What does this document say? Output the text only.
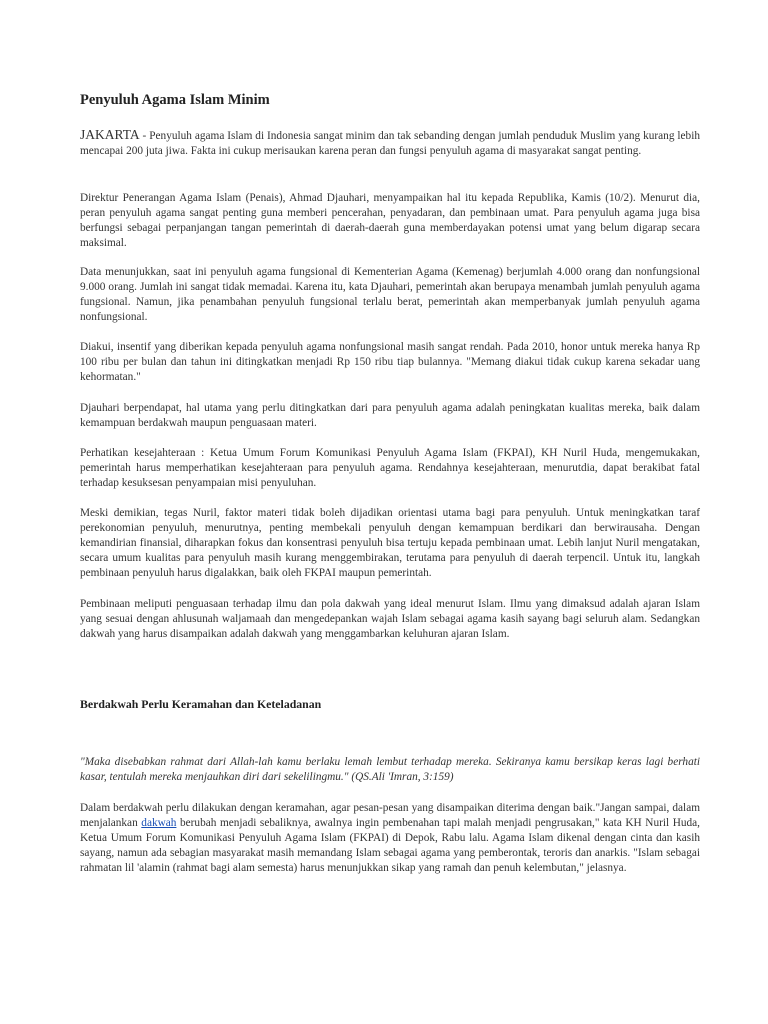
Penyuluh Agama Islam Minim

JAKARTA - Penyuluh agama Islam di Indonesia sangat minim dan tak sebanding dengan jumlah penduduk Muslim yang kurang lebih mencapai 200 juta jiwa. Fakta ini cukup merisaukan karena peran dan fungsi penyuluh agama di masyarakat sangat penting.

Direktur Penerangan Agama Islam (Penais), Ahmad Djauhari, menyampaikan hal itu kepada Republika, Kamis (10/2). Menurut dia, peran penyuluh agama sangat penting guna memberi pencerahan, penyadaran, dan pembinaan umat. Para penyuluh agama juga bisa berfungsi sebagai perpanjangan tangan pemerintah di daerah-daerah guna memberdayakan potensi umat yang belum digarap secara maksimal.

Data menunjukkan, saat ini penyuluh agama fungsional di Kementerian Agama (Kemenag) berjumlah 4.000 orang dan nonfungsional 9.000 orang. Jumlah ini sangat tidak memadai. Karena itu, kata Djauhari, pemerintah akan berupaya menambah jumlah penyuluh agama fungsional. Namun, jika penambahan penyuluh fungsional terlalu berat, pemerintah akan memperbanyak jumlah penyuluh agama nonfungsional.

Diakui, insentif yang diberikan kepada penyuluh agama nonfungsional masih sangat rendah. Pada 2010, honor untuk mereka hanya Rp 100 ribu per bulan dan tahun ini ditingkatkan menjadi Rp 150 ribu tiap bulannya. "Memang diakui tidak cukup karena sekadar uang kehormatan."

Djauhari berpendapat, hal utama yang perlu ditingkatkan dari para penyuluh agama adalah peningkatan kualitas mereka, baik dalam kemampuan berdakwah maupun penguasaan materi.

Perhatikan kesejahteraan : Ketua Umum Forum Komunikasi Penyuluh Agama Islam (FKPAI), KH Nuril Huda, mengemukakan, pemerintah harus memperhatikan kesejahteraan para penyuluh agama. Rendahnya kesejahteraan, menurutdia, dapat berakibat fatal terhadap kesuksesan penyampaian misi penyuluhan.

Meski demikian, tegas Nuril, faktor materi tidak boleh dijadikan orientasi utama bagi para penyuluh. Untuk meningkatkan taraf perekonomian penyuluh, menurutnya, penting membekali penyuluh dengan kemampuan berdikari dan berwirausaha. Dengan kemandirian finansial, diharapkan fokus dan konsentrasi penyuluh bisa tertuju kepada pembinaan umat. Lebih lanjut Nuril mengatakan, secara umum kualitas para penyuluh masih kurang menggembirakan, terutama para penyuluh di daerah terpencil. Untuk itu, langkah pembinaan penyuluh harus digalakkan, baik oleh FKPAI maupun pemerintah.

Pembinaan meliputi penguasaan terhadap ilmu dan pola dakwah yang ideal menurut Islam. Ilmu yang dimaksud adalah ajaran Islam yang sesuai dengan ahlusunah waljamaah dan mengedepankan wajah Islam sebagai agama kasih sayang bagi seluruh alam. Sedangkan dakwah yang harus disampaikan adalah dakwah yang menggambarkan keluhuran ajaran Islam.

Berdakwah Perlu Keramahan dan Keteladanan

"Maka disebabkan rahmat dari Allah-lah kamu berlaku lemah lembut terhadap mereka. Sekiranya kamu bersikap keras lagi berhati kasar, tentulah mereka menjauhkan diri dari sekelilingmu." (QS.Ali 'Imran, 3:159)

Dalam berdakwah perlu dilakukan dengan keramahan, agar pesan-pesan yang disampaikan diterima dengan baik."Jangan sampai, dalam menjalankan dakwah berubah menjadi sebaliknya, awalnya ingin pembenahan tapi malah menjadi pengrusakan," kata KH Nuril Huda, Ketua Umum Forum Komunikasi Penyuluh Agama Islam (FKPAI) di Depok, Rabu lalu. Agama Islam dikenal dengan cinta dan kasih sayang, namun ada sebagian masyarakat masih memandang Islam sebagai agama yang pemberontak, teroris dan anarkis. "Islam sebagai rahmatan lil 'alamin (rahmat bagi alam semesta) harus menunjukkan sikap yang ramah dan penuh kelembutan," jelasnya.
